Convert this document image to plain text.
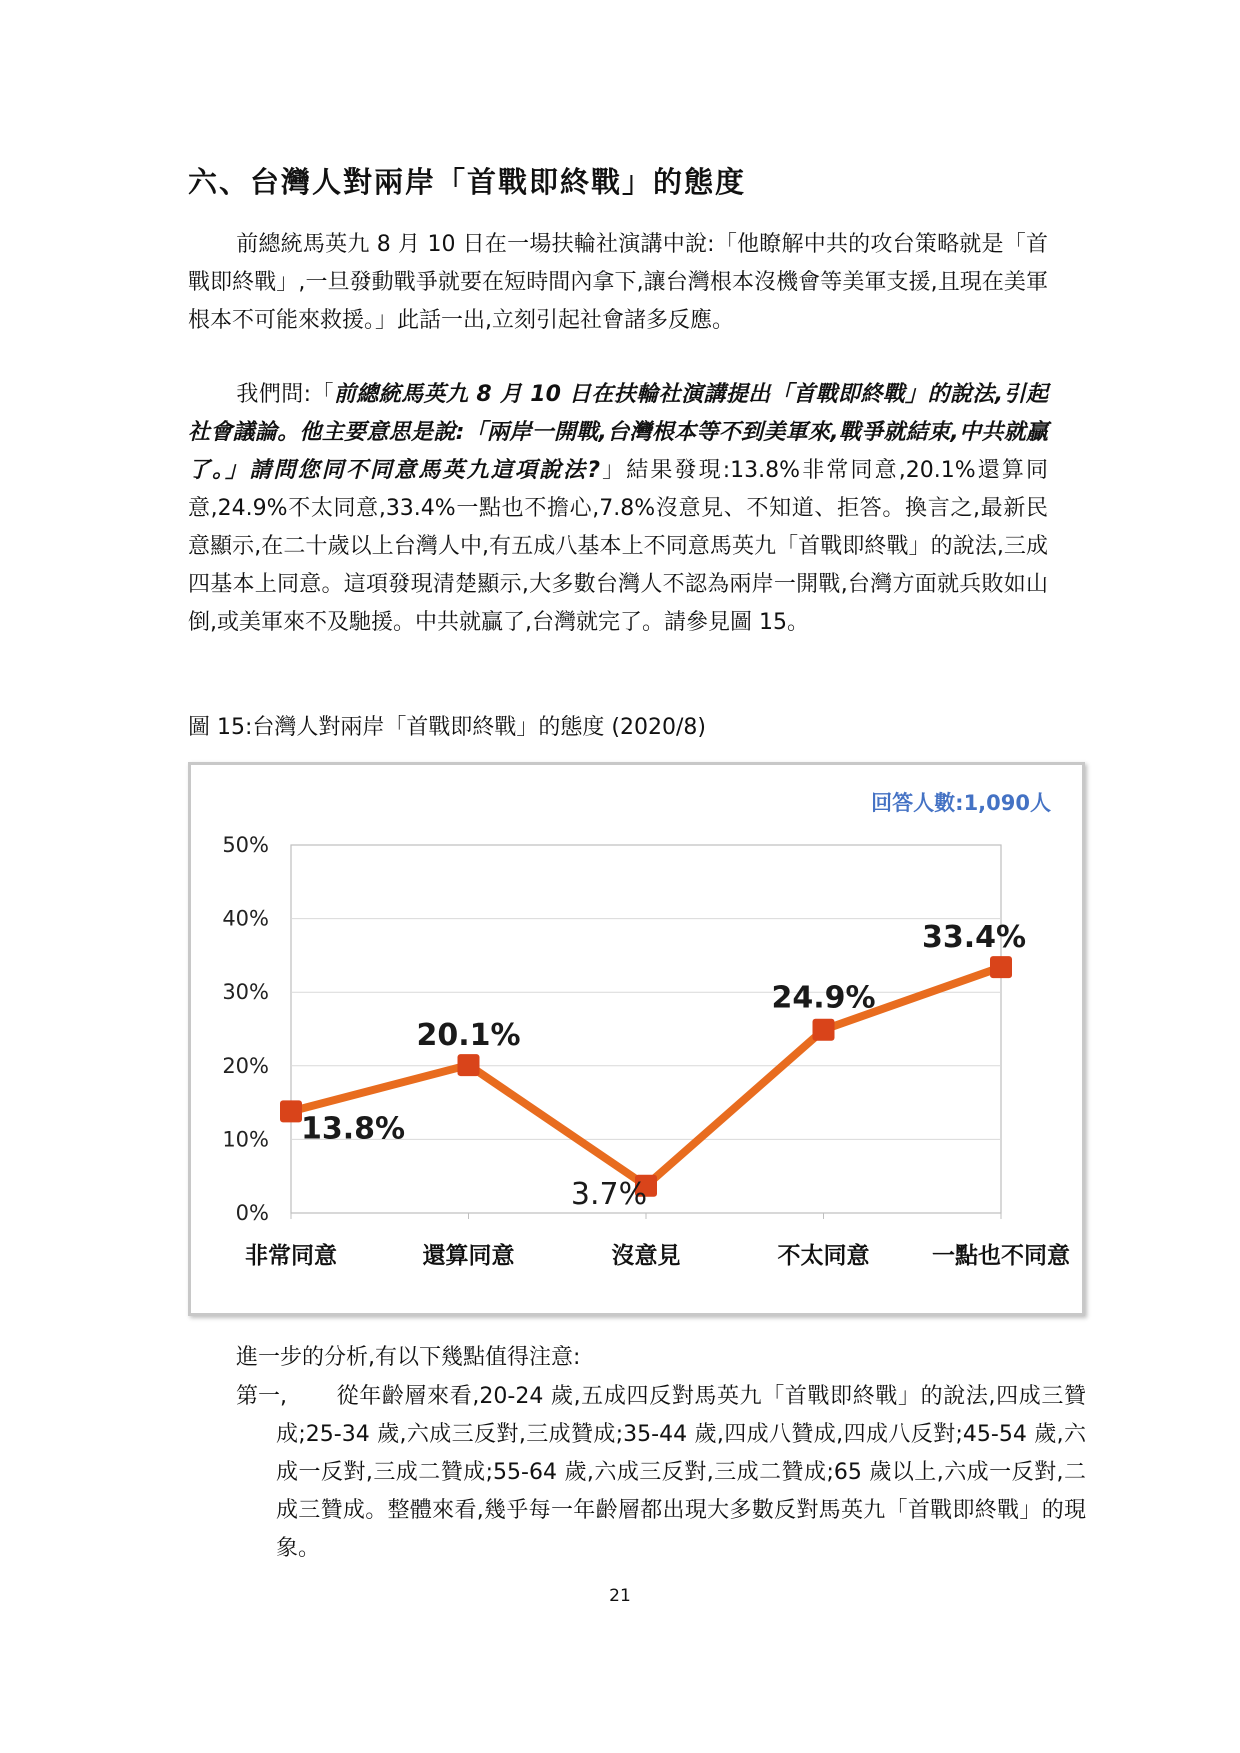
六、台灣人對兩岸「首戰即終戰」的態度

前總統馬英九 8 月 10 日在一場扶輪社演講中說:「他瞭解中共的攻台策略就是「首戰即終戰」,一旦發動戰爭就要在短時間內拿下,讓台灣根本沒機會等美軍支援,且現在美軍根本不可能來救援。」此話一出,立刻引起社會諸多反應。

我們問:「前總統馬英九 8 月 10 日在扶輪社演講提出「首戰即終戰」的說法,引起社會議論。他主要意思是說:「兩岸一開戰,台灣根本等不到美軍來,戰爭就結束,中共就贏了。」請問您同不同意馬英九這項說法?」結果發現:13.8%非常同意,20.1%還算同意,24.9%不太同意,33.4%一點也不擔心,7.8%沒意見、不知道、拒答。換言之,最新民意顯示,在二十歲以上台灣人中,有五成八基本上不同意馬英九「首戰即終戰」的說法,三成四基本上同意。這項發現清楚顯示,大多數台灣人不認為兩岸一開戰,台灣方面就兵敗如山倒,或美軍來不及馳援。中共就贏了,台灣就完了。請參見圖 15。

圖 15:台灣人對兩岸「首戰即終戰」的態度 (2020/8)

0%
10%
20%
30%
40%
50%
非常同意	還算同意	沒意見	不太同意	一點也不同意
13.8%
20.1%
3.7%
24.9%
33.4%
回答人數:1,090人

進一步的分析,有以下幾點值得注意:

第一, 從年齡層來看,20-24 歲,五成四反對馬英九「首戰即終戰」的說法,四成三贊成;25-34 歲,六成三反對,三成贊成;35-44 歲,四成八贊成,四成八反對;45-54 歲,六成一反對,三成二贊成;55-64 歲,六成三反對,三成二贊成;65 歲以上,六成一反對,二成三贊成。整體來看,幾乎每一年齡層都出現大多數反對馬英九「首戰即終戰」的現象。

21
